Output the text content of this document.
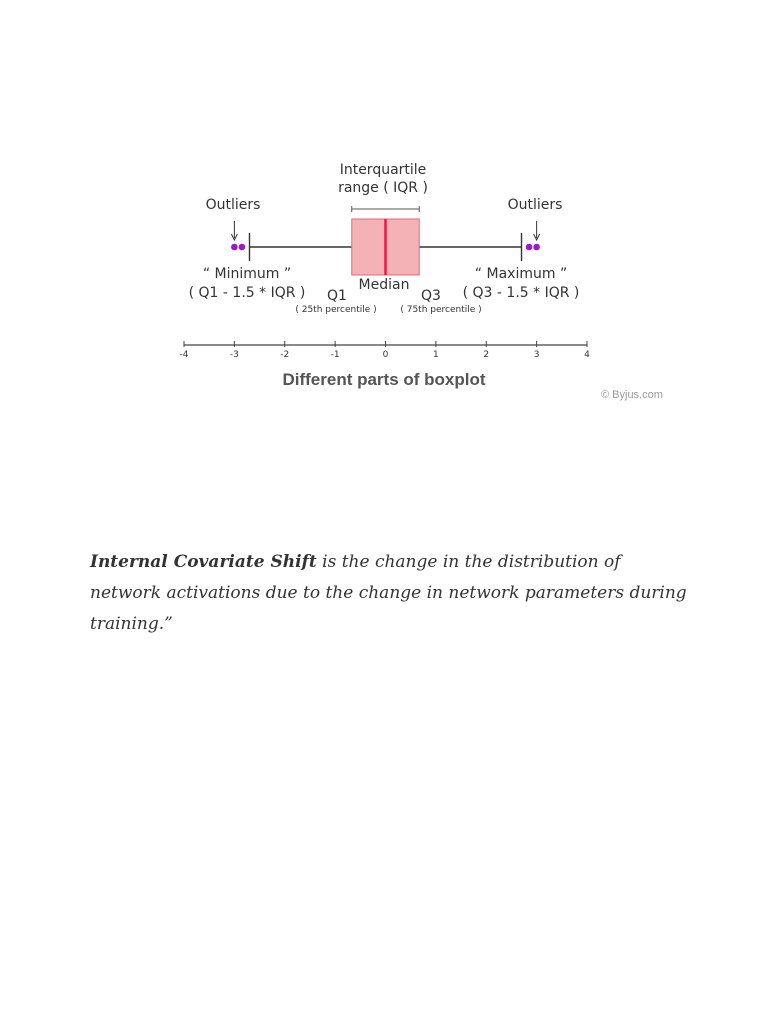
-4	-3	-2	-1	0	1	2	3	4
Interquartile
range ( IQR )
Outliers	Outliers
“ Minimum ”
( Q1 - 1.5 * IQR )
“ Maximum ”
( Q3 - 1.5 * IQR )
Median
Q1
( 25th percentile )
Q3
( 75th percentile )
Different parts of boxplot
© Byjus.com
Internal Covariate Shift is the change in the distribution of network activations due to the change in network parameters during training.”
